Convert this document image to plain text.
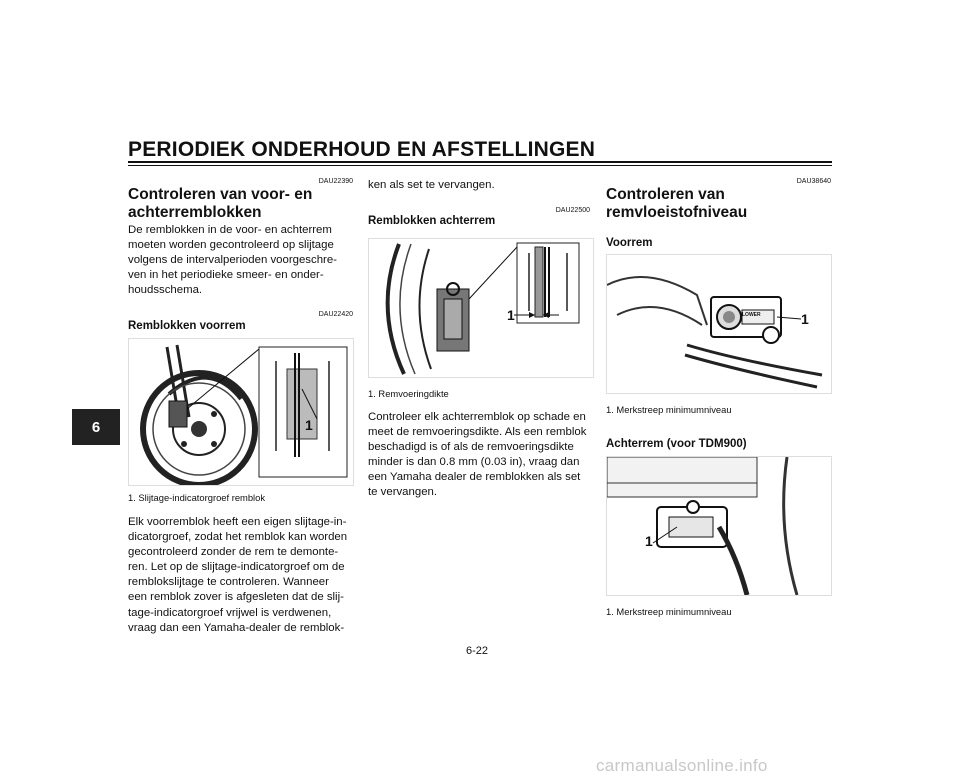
PERIODIEK ONDERHOUD EN AFSTELLINGEN
6
DAU22390
Controleren van voor- en
achterremblokken
De remblokken in de voor- en achterrem
moeten worden gecontroleerd op slijtage
volgens de intervalperioden voorgeschre-
ven in het periodieke smeer- en onder-
houdsschema.
DAU22420
Remblokken voorrem
1
1. Slijtage-indicatorgroef remblok
Elk voorremblok heeft een eigen slijtage-in-
dicatorgroef, zodat het remblok kan worden
gecontroleerd zonder de rem te demonte-
ren. Let op de slijtage-indicatorgroef om de
remblokslijtage te controleren. Wanneer
een remblok zover is afgesleten dat de slij-
tage-indicatorgroef vrijwel is verdwenen,
vraag dan een Yamaha-dealer de remblok-
ken als set te vervangen.
DAU22500
Remblokken achterrem
1
1. Remvoeringdikte
Controleer elk achterremblok op schade en
meet de remvoeringsdikte. Als een remblok
beschadigd is of als de remvoeringsdikte
minder is dan 0.8 mm (0.03 in), vraag dan
een Yamaha dealer de remblokken als set
te vervangen.
DAU38640
Controleren van
remvloeistofniveau
Voorrem
LOWER	1
1. Merkstreep minimumniveau
Achterrem (voor TDM900)
1
1. Merkstreep minimumniveau
6-22
carmanualsonline.info
